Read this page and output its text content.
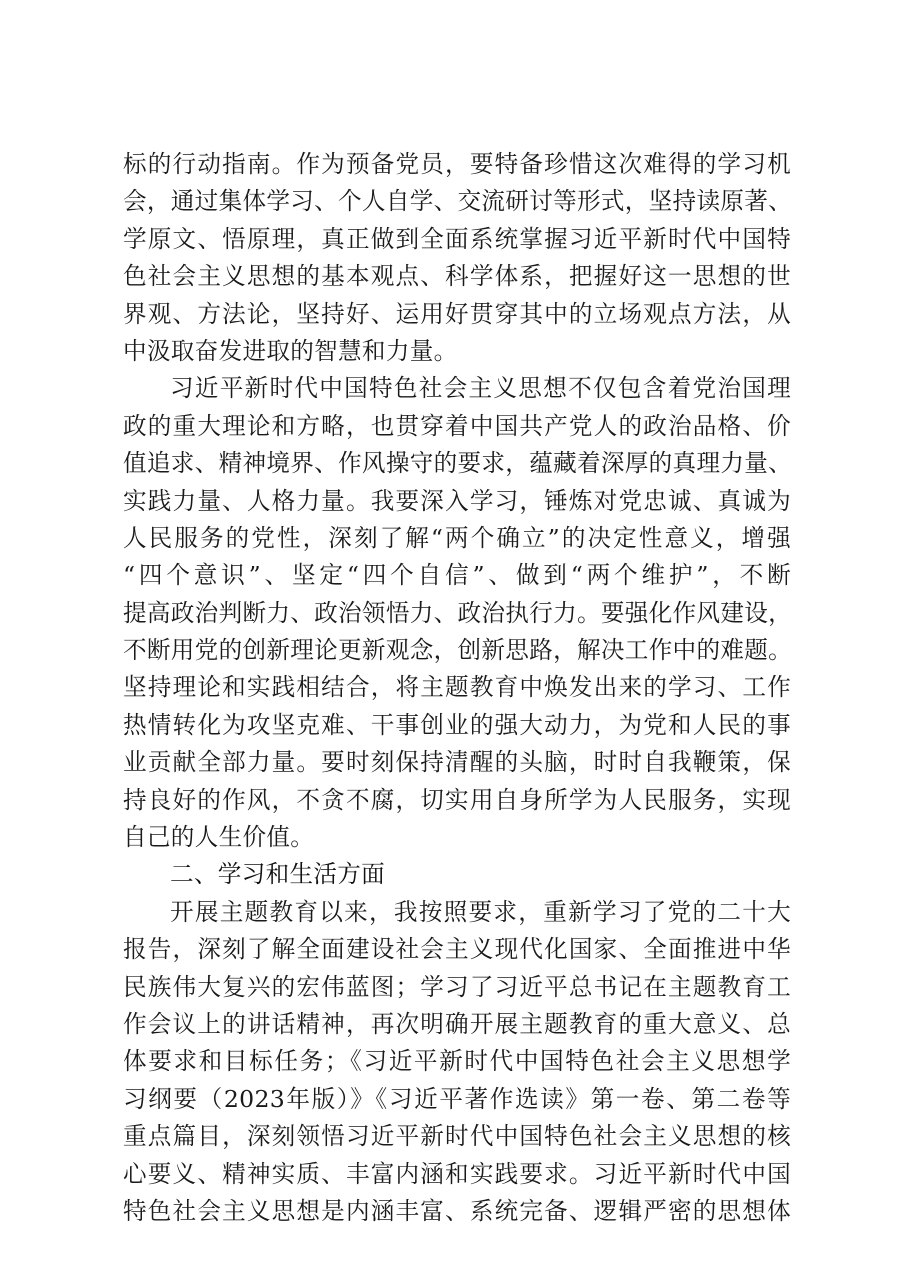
标的行动指南。作为预备党员，要特备珍惜这次难得的学习机
会，通过集体学习、个人自学、交流研讨等形式，坚持读原著、
学原文、悟原理，真正做到全面系统掌握习近平新时代中国特
色社会主义思想的基本观点、科学体系，把握好这一思想的世
界观、方法论，坚持好、运用好贯穿其中的立场观点方法，从
中汲取奋发进取的智慧和力量。
习近平新时代中国特色社会主义思想不仅包含着党治国理
政的重大理论和方略，也贯穿着中国共产党人的政治品格、价
值追求、精神境界、作风操守的要求，蕴藏着深厚的真理力量、
实践力量、人格力量。我要深入学习，锤炼对党忠诚、真诚为
人民服务的党性，深刻了解“两个确立”的决定性意义，增强
“四个意识”、坚定“四个自信”、做到“两个维护”，不断
提高政治判断力、政治领悟力、政治执行力。要强化作风建设，
不断用党的创新理论更新观念，创新思路，解决工作中的难题。
坚持理论和实践相结合，将主题教育中焕发出来的学习、工作
热情转化为攻坚克难、干事创业的强大动力，为党和人民的事
业贡献全部力量。要时刻保持清醒的头脑，时时自我鞭策，保
持良好的作风，不贪不腐，切实用自身所学为人民服务，实现
自己的人生价值。
二、学习和生活方面
开展主题教育以来，我按照要求，重新学习了党的二十大
报告，深刻了解全面建设社会主义现代化国家、全面推进中华
民族伟大复兴的宏伟蓝图；学习了习近平总书记在主题教育工
作会议上的讲话精神，再次明确开展主题教育的重大意义、总
体要求和目标任务；《习近平新时代中国特色社会主义思想学
习纲要（2023年版）》《习近平著作选读》第一卷、第二卷等
重点篇目，深刻领悟习近平新时代中国特色社会主义思想的核
心要义、精神实质、丰富内涵和实践要求。习近平新时代中国
特色社会主义思想是内涵丰富、系统完备、逻辑严密的思想体
